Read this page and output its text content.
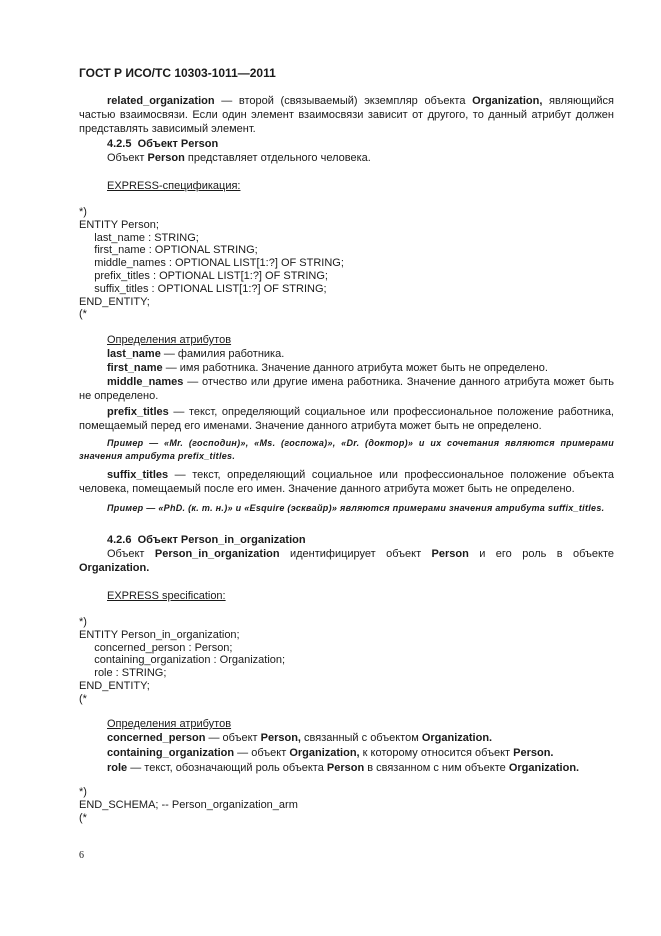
ГОСТ Р ИСО/ТС 10303-1011—2011
related_organization — второй (связываемый) экземпляр объекта Organization, являющийся частью взаимосвязи. Если один элемент взаимосвязи зависит от другого, то данный атрибут должен представлять зависимый элемент.
4.2.5 Объект Person
Объект Person представляет отдельного человека.
EXPRESS-спецификация:
*)
ENTITY Person;
last_name : STRING;
first_name : OPTIONAL STRING;
middle_names : OPTIONAL LIST[1:?] OF STRING;
prefix_titles : OPTIONAL LIST[1:?] OF STRING;
suffix_titles : OPTIONAL LIST[1:?] OF STRING;
END_ENTITY;
(*
Определения атрибутов
last_name — фамилия работника.
first_name — имя работника. Значение данного атрибута может быть не определено.
middle_names — отчество или другие имена работника. Значение данного атрибута может быть не определено.
prefix_titles — текст, определяющий социальное или профессиональное положение работника, помещаемый перед его именами. Значение данного атрибута может быть не определено.
Пример — «Mr. (господин)», «Ms. (госпожа)», «Dr. (доктор)» и их сочетания являются примерами значения атрибута prefix_titles.
suffix_titles — текст, определяющий социальное или профессиональное положение объекта человека, помещаемый после его имен. Значение данного атрибута может быть не определено.
Пример — «PhD. (к. т. н.)» и «Esquire (эсквайр)» являются примерами значения атрибута suffix_titles.
4.2.6 Объект Person_in_organization
Объект Person_in_organization идентифицирует объект Person и его роль в объекте Organization.
EXPRESS specification:
*)
ENTITY Person_in_organization;
concerned_person : Person;
containing_organization : Organization;
role : STRING;
END_ENTITY;
(*
Определения атрибутов
concerned_person — объект Person, связанный с объектом Organization.
containing_organization — объект Organization, к которому относится объект Person.
role — текст, обозначающий роль объекта Person в связанном с ним объекте Organization.
*)
END_SCHEMA; -- Person_organization_arm
(*
6
